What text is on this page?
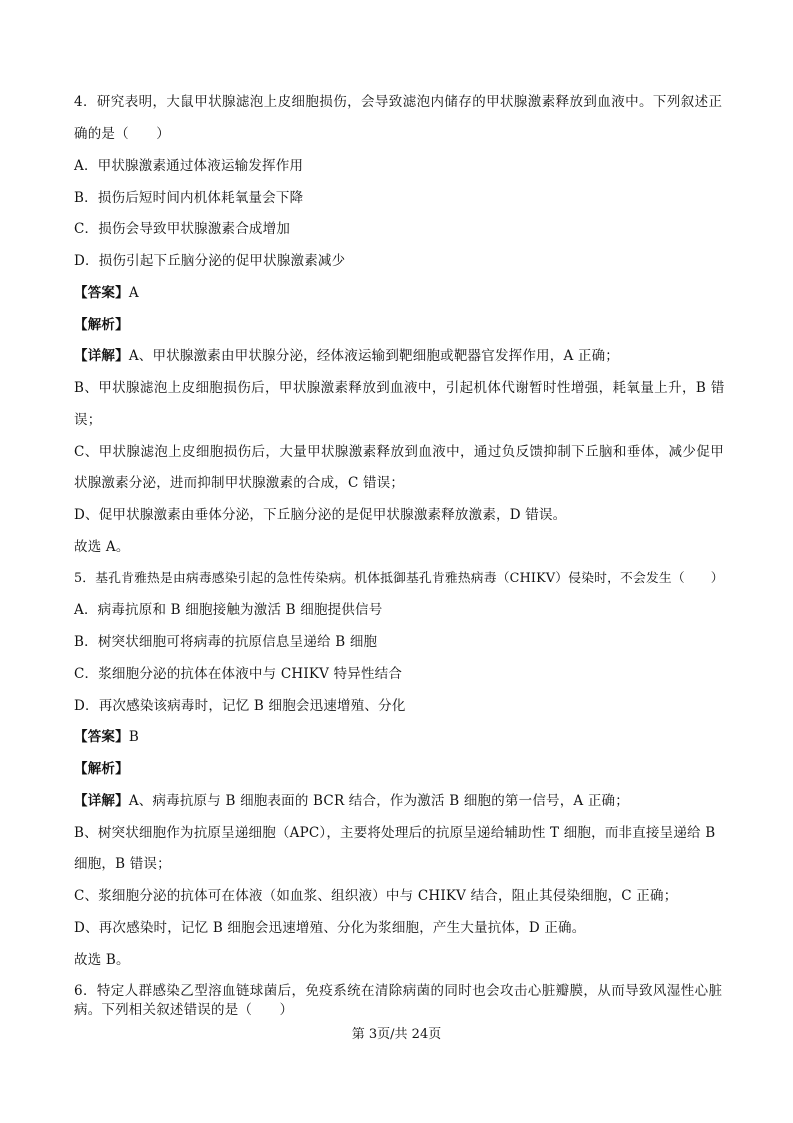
4．研究表明，大鼠甲状腺滤泡上皮细胞损伤，会导致滤泡内储存的甲状腺激素释放到血液中。下列叙述正
确的是（　　）
A．甲状腺激素通过体液运输发挥作用
B．损伤后短时间内机体耗氧量会下降
C．损伤会导致甲状腺激素合成增加
D．损伤引起下丘脑分泌的促甲状腺激素减少
【答案】A
【解析】
【详解】A、甲状腺激素由甲状腺分泌，经体液运输到靶细胞或靶器官发挥作用，A 正确；
B、甲状腺滤泡上皮细胞损伤后，甲状腺激素释放到血液中，引起机体代谢暂时性增强，耗氧量上升，B 错
误；
C、甲状腺滤泡上皮细胞损伤后，大量甲状腺激素释放到血液中，通过负反馈抑制下丘脑和垂体，减少促甲
状腺激素分泌，进而抑制甲状腺激素的合成，C 错误；
D、促甲状腺激素由垂体分泌，下丘脑分泌的是促甲状腺激素释放激素，D 错误。
故选 A。
5．基孔肯雅热是由病毒感染引起的急性传染病。机体抵御基孔肯雅热病毒（CHIKV）侵染时，不会发生（　　）
A．病毒抗原和 B 细胞接触为激活 B 细胞提供信号
B．树突状细胞可将病毒的抗原信息呈递给 B 细胞
C．浆细胞分泌的抗体在体液中与 CHIKV 特异性结合
D．再次感染该病毒时，记忆 B 细胞会迅速增殖、分化
【答案】B
【解析】
【详解】A、病毒抗原与 B 细胞表面的 BCR 结合，作为激活 B 细胞的第一信号，A 正确；
B、树突状细胞作为抗原呈递细胞（APC），主要将处理后的抗原呈递给辅助性 T 细胞，而非直接呈递给 B
细胞，B 错误；
C、浆细胞分泌的抗体可在体液（如血浆、组织液）中与 CHIKV 结合，阻止其侵染细胞，C 正确；
D、再次感染时，记忆 B 细胞会迅速增殖、分化为浆细胞，产生大量抗体，D 正确。
故选 B。
6．特定人群感染乙型溶血链球菌后，免疫系统在清除病菌的同时也会攻击心脏瓣膜，从而导致风湿性心脏
病。下列相关叙述错误的是（　　）
第 3页/共 24页
